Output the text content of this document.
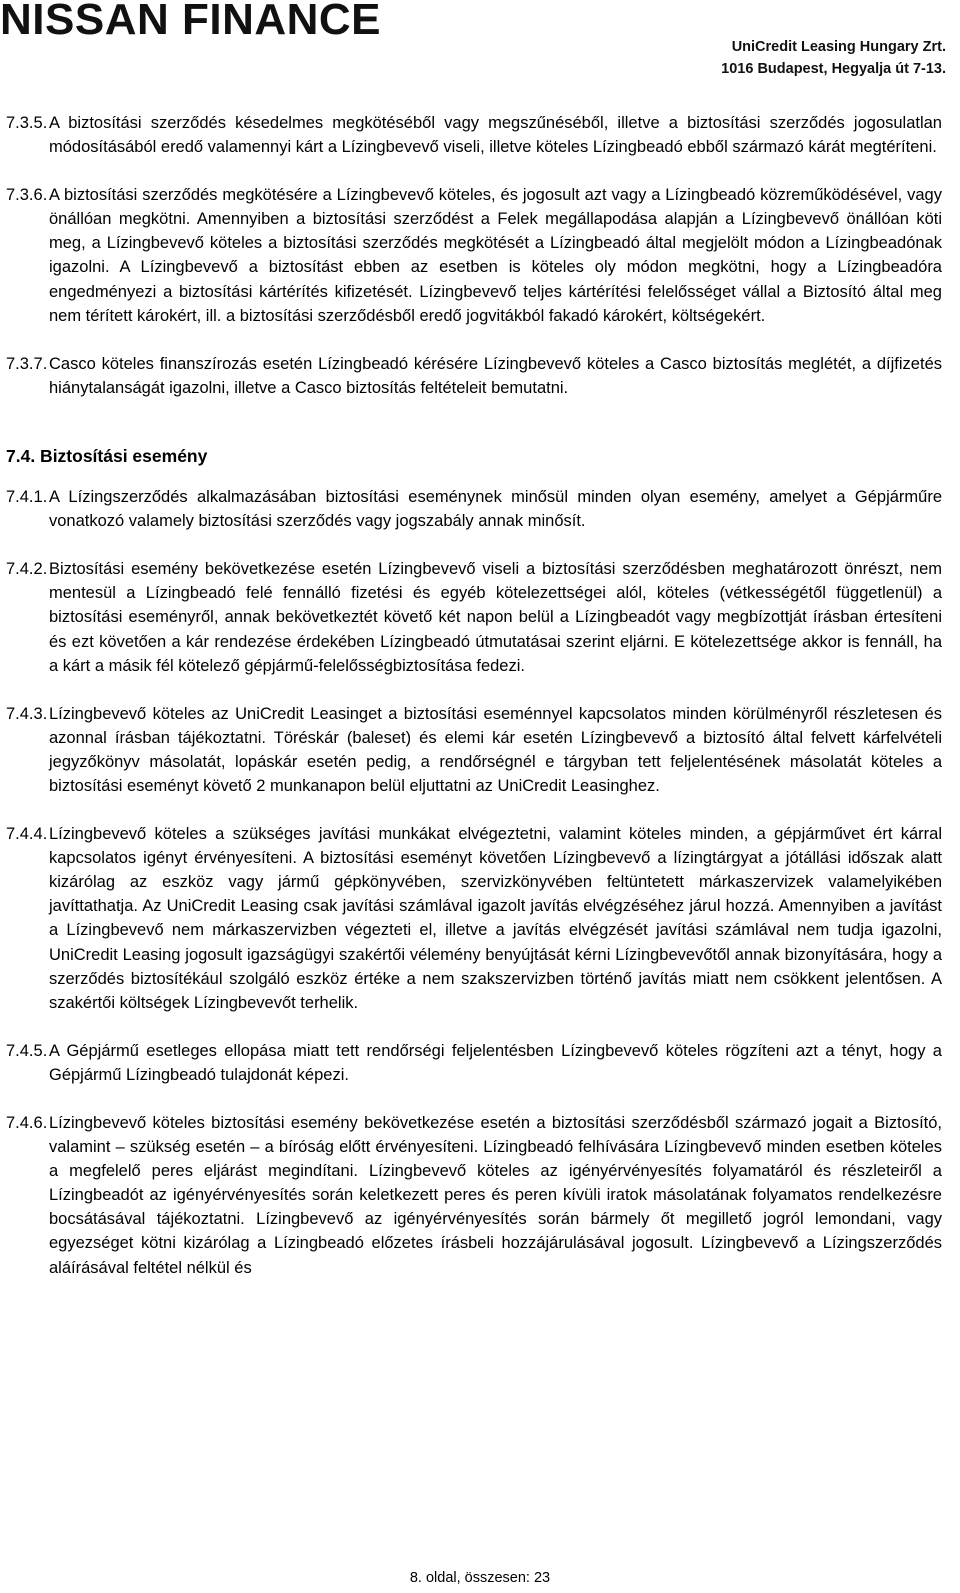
NISSAN FINANCE
UniCredit Leasing Hungary Zrt.
1016 Budapest, Hegyalja út 7-13.
7.3.5. A biztosítási szerződés késedelmes megkötéséből vagy megszűnéséből, illetve a biztosítási szerződés jogosulatlan módosításából eredő valamennyi kárt a Lízingbevevő viseli, illetve köteles Lízingbeadó ebből származó kárát megtéríteni.
7.3.6. A biztosítási szerződés megkötésére a Lízingbevevő köteles, és jogosult azt vagy a Lízingbeadó közreműködésével, vagy önállóan megkötni. Amennyiben a biztosítási szerződést a Felek megállapodása alapján a Lízingbevevő önállóan köti meg, a Lízingbevevő köteles a biztosítási szerződés megkötését a Lízingbeadó által megjelölt módon a Lízingbeadónak igazolni. A Lízingbevevő a biztosítást ebben az esetben is köteles oly módon megkötni, hogy a Lízingbeadóra engedményezi a biztosítási kártérítés kifizetését. Lízingbevevő teljes kártérítési felelősséget vállal a Biztosító által meg nem térített károkért, ill. a biztosítási szerződésből eredő jogvitákból fakadó károkért, költségekért.
7.3.7. Casco köteles finanszírozás esetén Lízingbeadó kérésére Lízingbevevő köteles a Casco biztosítás meglétét, a díjfizetés hiánytalanságát igazolni, illetve a Casco biztosítás feltételeit bemutatni.
7.4. Biztosítási esemény
7.4.1. A Lízingszerződés alkalmazásában biztosítási eseménynek minősül minden olyan esemény, amelyet a Gépjárműre vonatkozó valamely biztosítási szerződés vagy jogszabály annak minősít.
7.4.2. Biztosítási esemény bekövetkezése esetén Lízingbevevő viseli a biztosítási szerződésben meghatározott önrészt, nem mentesül a Lízingbeadó felé fennálló fizetési és egyéb kötelezettségei alól, köteles (vétkességétől függetlenül) a biztosítási eseményről, annak bekövetkeztét követő két napon belül a Lízingbeadót vagy megbízottját írásban értesíteni és ezt követően a kár rendezése érdekében Lízingbeadó útmutatásai szerint eljárni. E kötelezettsége akkor is fennáll, ha a kárt a másik fél kötelező gépjármű-felelősségbiztosítása fedezi.
7.4.3. Lízingbevevő köteles az UniCredit Leasinget a biztosítási eseménnyel kapcsolatos minden körülményről részletesen és azonnal írásban tájékoztatni. Töréskár (baleset) és elemi kár esetén Lízingbevevő a biztosító által felvett kárfelvételi jegyzőkönyv másolatát, lopáskár esetén pedig, a rendőrségnél e tárgyban tett feljelentésének másolatát köteles a biztosítási eseményt követő 2 munkanapon belül eljuttatni az UniCredit Leasinghez.
7.4.4. Lízingbevevő köteles a szükséges javítási munkákat elvégeztetni, valamint köteles minden, a gépjárművet ért kárral kapcsolatos igényt érvényesíteni. A biztosítási eseményt követően Lízingbevevő a lízingtárgyat a jótállási időszak alatt kizárólag az eszköz vagy jármű gépkönyvében, szervizkönyvében feltüntetett márkaszervizek valamelyikében javíttathatja. Az UniCredit Leasing csak javítási számlával igazolt javítás elvégzéséhez járul hozzá. Amennyiben a javítást a Lízingbevevő nem márkaszervizben végezteti el, illetve a javítás elvégzését javítási számlával nem tudja igazolni, UniCredit Leasing jogosult igazságügyi szakértői vélemény benyújtását kérni Lízingbevevőtől annak bizonyítására, hogy a szerződés biztosítékául szolgáló eszköz értéke a nem szakszervizben történő javítás miatt nem csökkent jelentősen. A szakértői költségek Lízingbevevőt terhelik.
7.4.5. A Gépjármű esetleges ellopása miatt tett rendőrségi feljelentésben Lízingbevevő köteles rögzíteni azt a tényt, hogy a Gépjármű Lízingbeadó tulajdonát képezi.
7.4.6. Lízingbevevő köteles biztosítási esemény bekövetkezése esetén a biztosítási szerződésből származó jogait a Biztosító, valamint – szükség esetén – a bíróság előtt érvényesíteni. Lízingbeadó felhívására Lízingbevevő minden esetben köteles a megfelelő peres eljárást megindítani. Lízingbevevő köteles az igényérvényesítés folyamatáról és részleteiről a Lízingbeadót az igényérvényesítés során keletkezett peres és peren kívüli iratok másolatának folyamatos rendelkezésre bocsátásával tájékoztatni. Lízingbevevő az igényérvényesítés során bármely őt megillető jogról lemondani, vagy egyezséget kötni kizárólag a Lízingbeadó előzetes írásbeli hozzájárulásával jogosult. Lízingbevevő a Lízingszerződés aláírásával feltétel nélkül és
8. oldal, összesen: 23
